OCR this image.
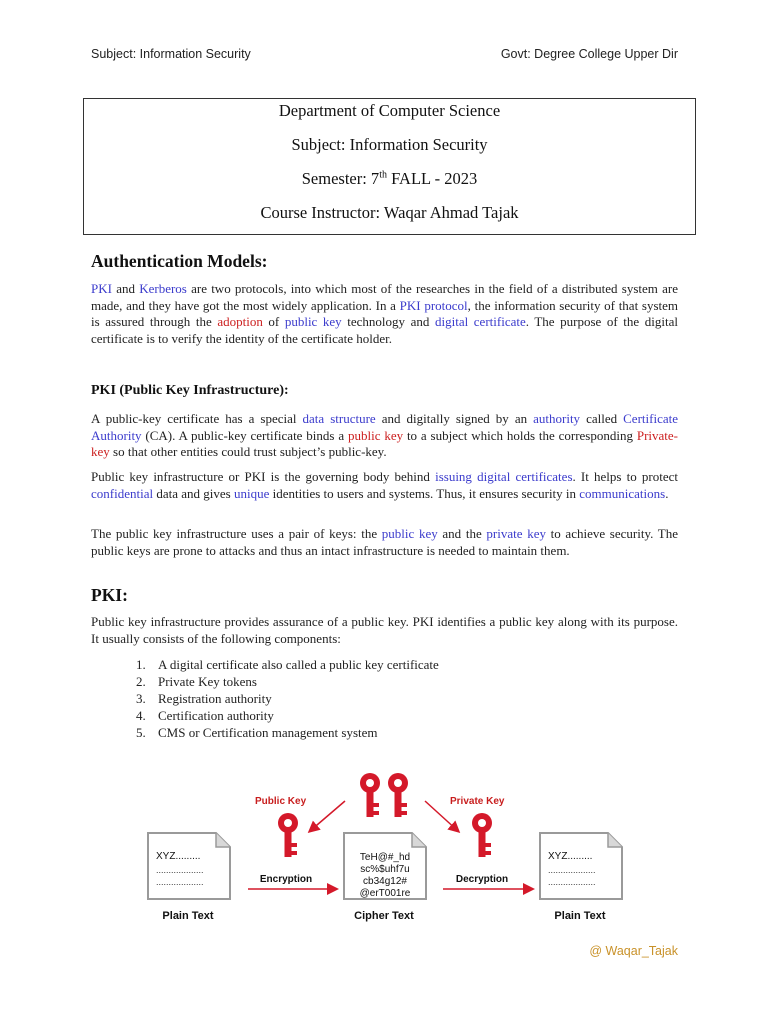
Subject: Information Security	Govt: Degree College Upper Dir
Department of Computer Science
Subject: Information Security
Semester: 7th FALL - 2023
Course Instructor: Waqar Ahmad Tajak
Authentication Models:

PKI and Kerberos are two protocols, into which most of the researches in the field of a distributed system are made, and they have got the most widely application. In a PKI protocol, the information security of that system is assured through the adoption of public key technology and digital certificate. The purpose of the digital certificate is to verify the identity of the certificate holder.

PKI (Public Key Infrastructure):

A public-key certificate has a special data structure and digitally signed by an authority called Certificate Authority (CA). A public-key certificate binds a public key to a subject which holds the corresponding Private-key so that other entities could trust subject’s public-key.

Public key infrastructure or PKI is the governing body behind issuing digital certificates. It helps to protect confidential data and gives unique identities to users and systems. Thus, it ensures security in communications.

The public key infrastructure uses a pair of keys: the public key and the private key to achieve security. The public keys are prone to attacks and thus an intact infrastructure is needed to maintain them.

PKI:

Public key infrastructure provides assurance of a public key. PKI identifies a public key along with its purpose. It usually consists of the following components:

1. A digital certificate also called a public key certificate
2. Private Key tokens
3. Registration authority
4. Certification authority
5. CMS or Certification management system
Public Key	Private Key
XYZ.........
...................
...................
TeH@#_hd
sc%$uhf7u
cb34g12#
@erT001re
XYZ.........
...................
...................
Encryption	Decryption
Plain Text	Cipher Text	Plain Text
@ Waqar_Tajak
